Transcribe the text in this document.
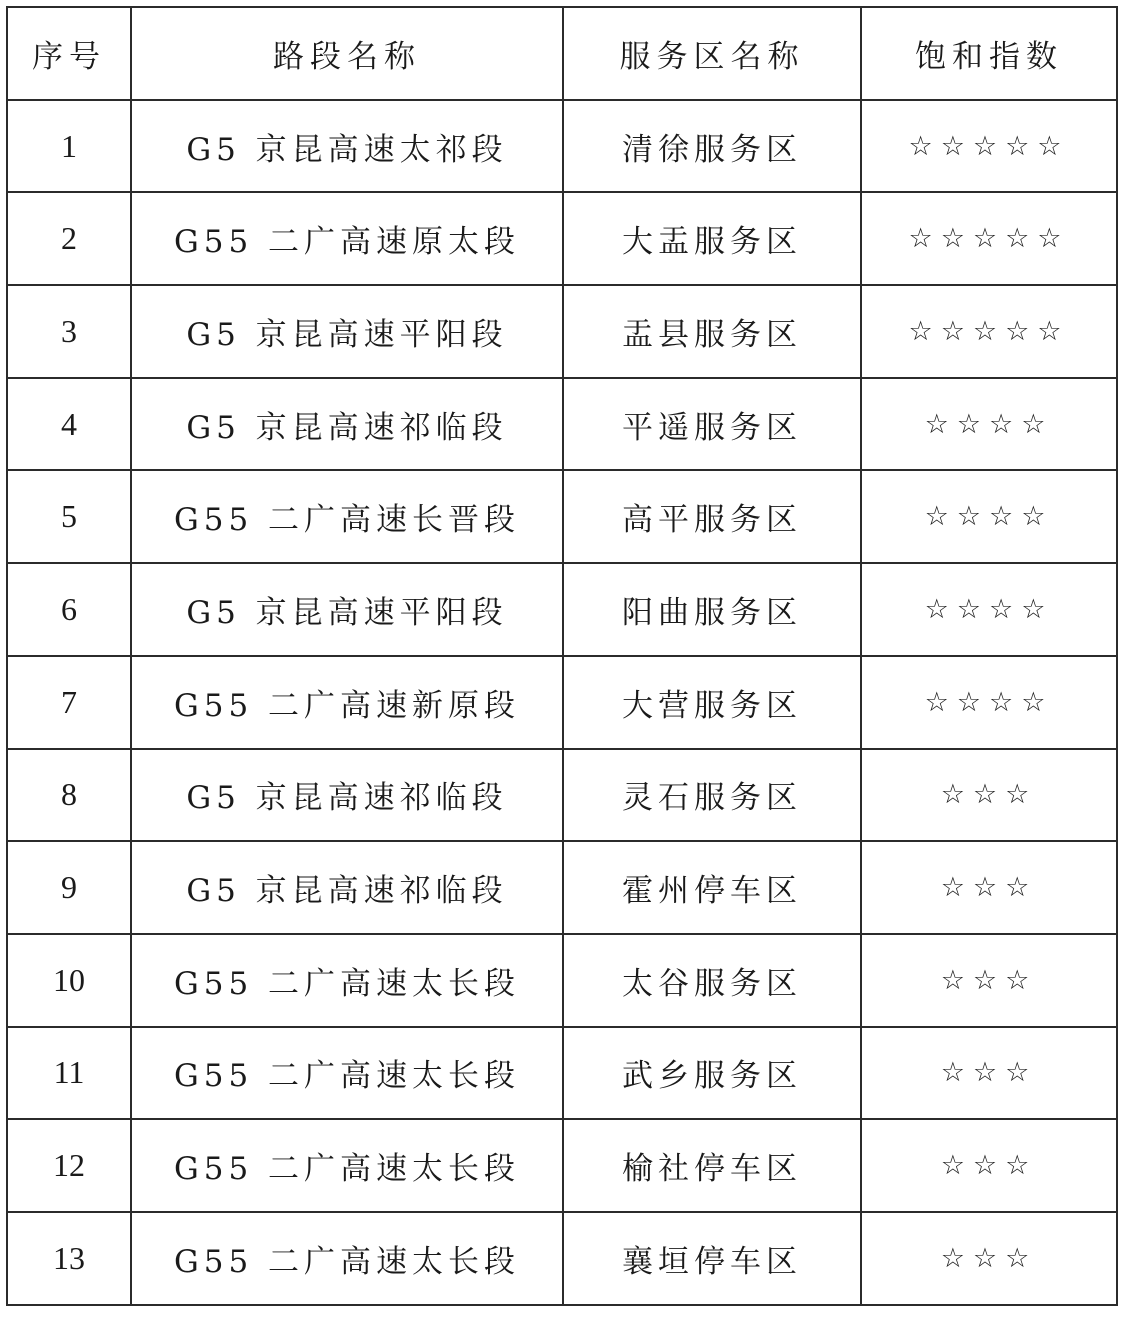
序号	路段名称	服务区名称	饱和指数
1	G5 京昆高速太祁段	清徐服务区	☆☆☆☆☆
2	G55 二广高速原太段	大盂服务区	☆☆☆☆☆
3	G5 京昆高速平阳段	盂县服务区	☆☆☆☆☆
4	G5 京昆高速祁临段	平遥服务区	☆☆☆☆
5	G55 二广高速长晋段	高平服务区	☆☆☆☆
6	G5 京昆高速平阳段	阳曲服务区	☆☆☆☆
7	G55 二广高速新原段	大营服务区	☆☆☆☆
8	G5 京昆高速祁临段	灵石服务区	☆☆☆
9	G5 京昆高速祁临段	霍州停车区	☆☆☆
10	G55 二广高速太长段	太谷服务区	☆☆☆
11	G55 二广高速太长段	武乡服务区	☆☆☆
12	G55 二广高速太长段	榆社停车区	☆☆☆
13	G55 二广高速太长段	襄垣停车区	☆☆☆
